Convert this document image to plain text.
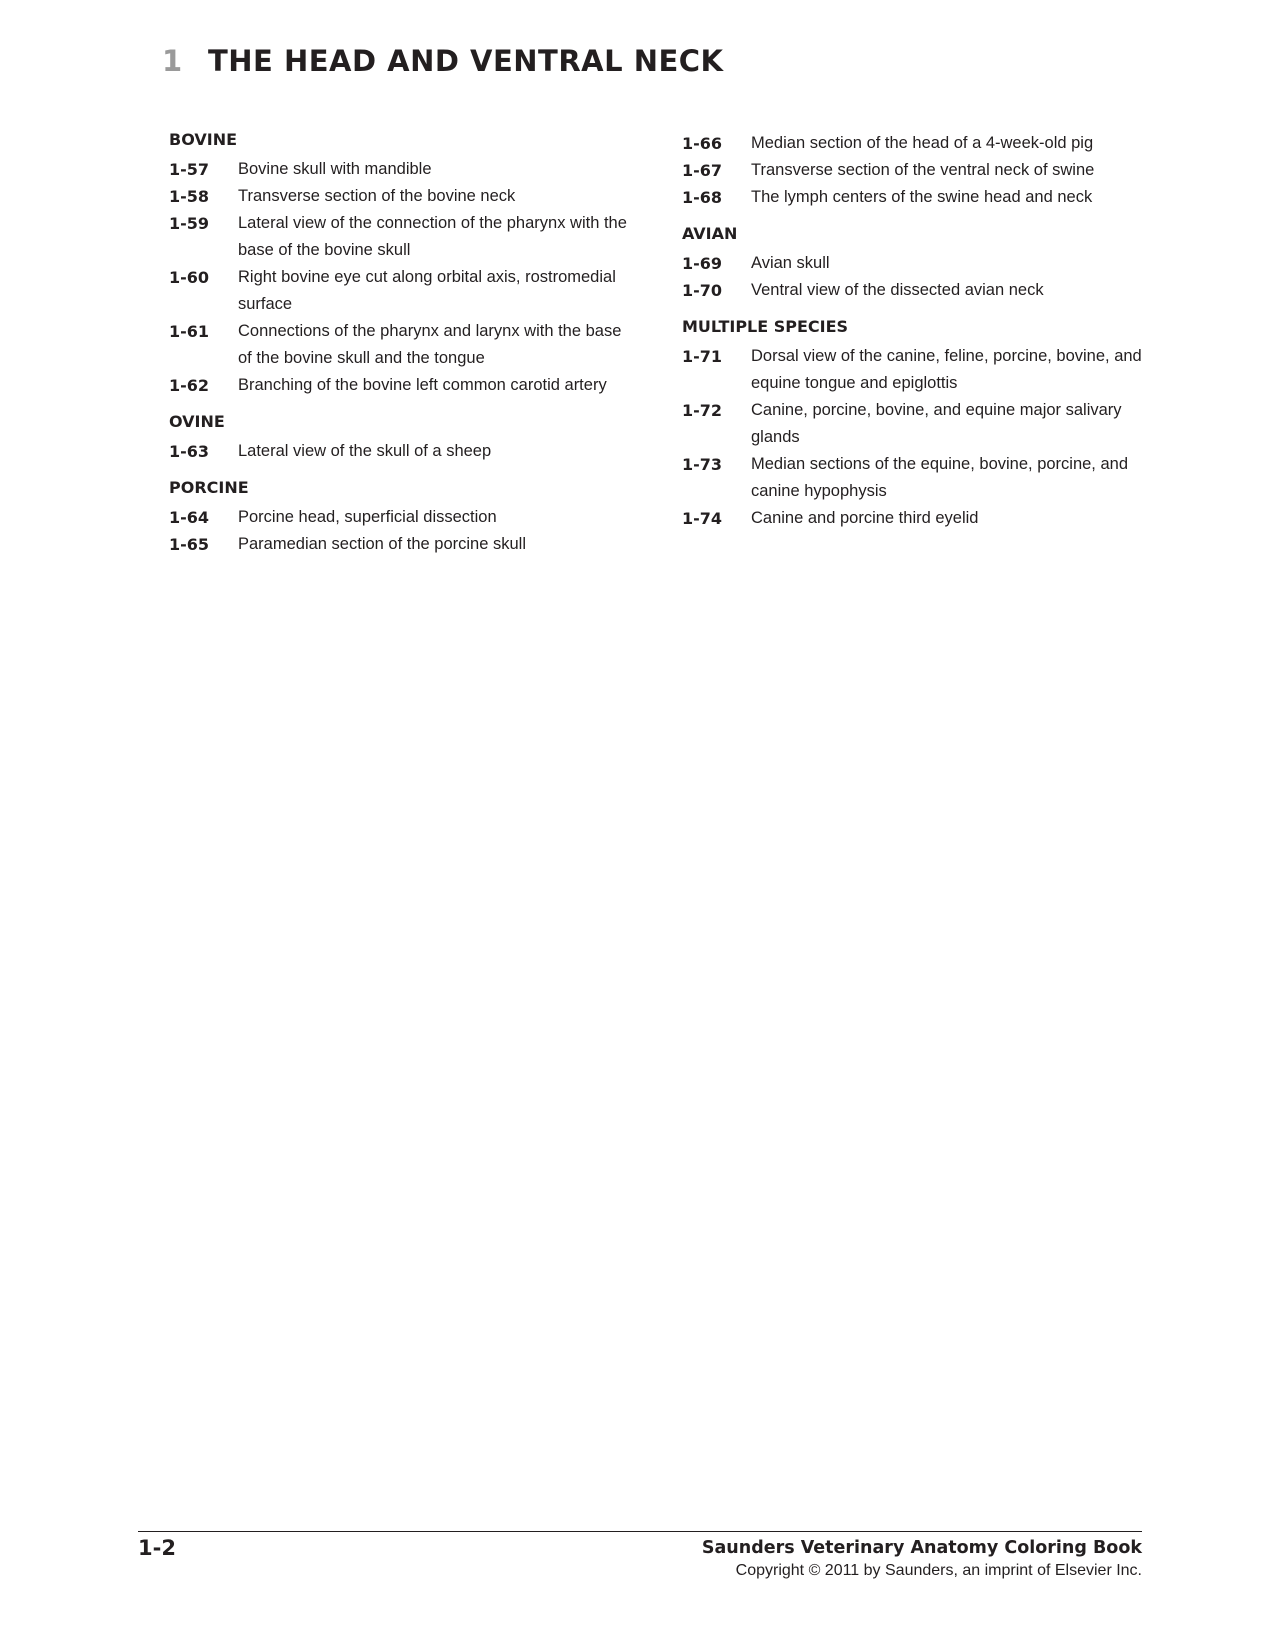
1 THE HEAD AND VENTRAL NECK
BOVINE
1-57	Bovine skull with mandible
1-58	Transverse section of the bovine neck
1-59	Lateral view of the connection of the pharynx with the base of the bovine skull
1-60	Right bovine eye cut along orbital axis, rostromedial surface
1-61	Connections of the pharynx and larynx with the base of the bovine skull and the tongue
1-62	Branching of the bovine left common carotid artery
OVINE
1-63	Lateral view of the skull of a sheep
PORCINE
1-64	Porcine head, superficial dissection
1-65	Paramedian section of the porcine skull
1-66	Median section of the head of a 4-week-old pig
1-67	Transverse section of the ventral neck of swine
1-68	The lymph centers of the swine head and neck
AVIAN
1-69	Avian skull
1-70	Ventral view of the dissected avian neck
MULTIPLE SPECIES
1-71	Dorsal view of the canine, feline, porcine, bovine, and equine tongue and epiglottis
1-72	Canine, porcine, bovine, and equine major salivary glands
1-73	Median sections of the equine, bovine, porcine, and canine hypophysis
1-74	Canine and porcine third eyelid
1-2	Saunders Veterinary Anatomy Coloring Book
Copyright © 2011 by Saunders, an imprint of Elsevier Inc.
